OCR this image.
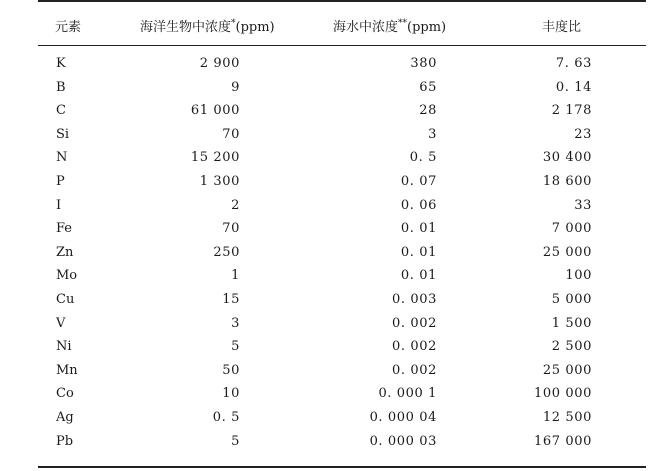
元素	海洋生物中浓度*(ppm)	海水中浓度**(ppm)	丰度比
K	2 900	380	7. 63
B	9	65	0. 14
C	61 000	28	2 178
Si	70	3	23
N	15 200	0. 5	30 400
P	1 300	0. 07	18 600
I	2	0. 06	33
Fe	70	0. 01	7 000
Zn	250	0. 01	25 000
Mo	1	0. 01	100
Cu	15	0. 003	5 000
V	3	0. 002	1 500
Ni	5	0. 002	2 500
Mn	50	0. 002	25 000
Co	10	0. 000 1	100 000
Ag	0. 5	0. 000 04	12 500
Pb	5	0. 000 03	167 000
